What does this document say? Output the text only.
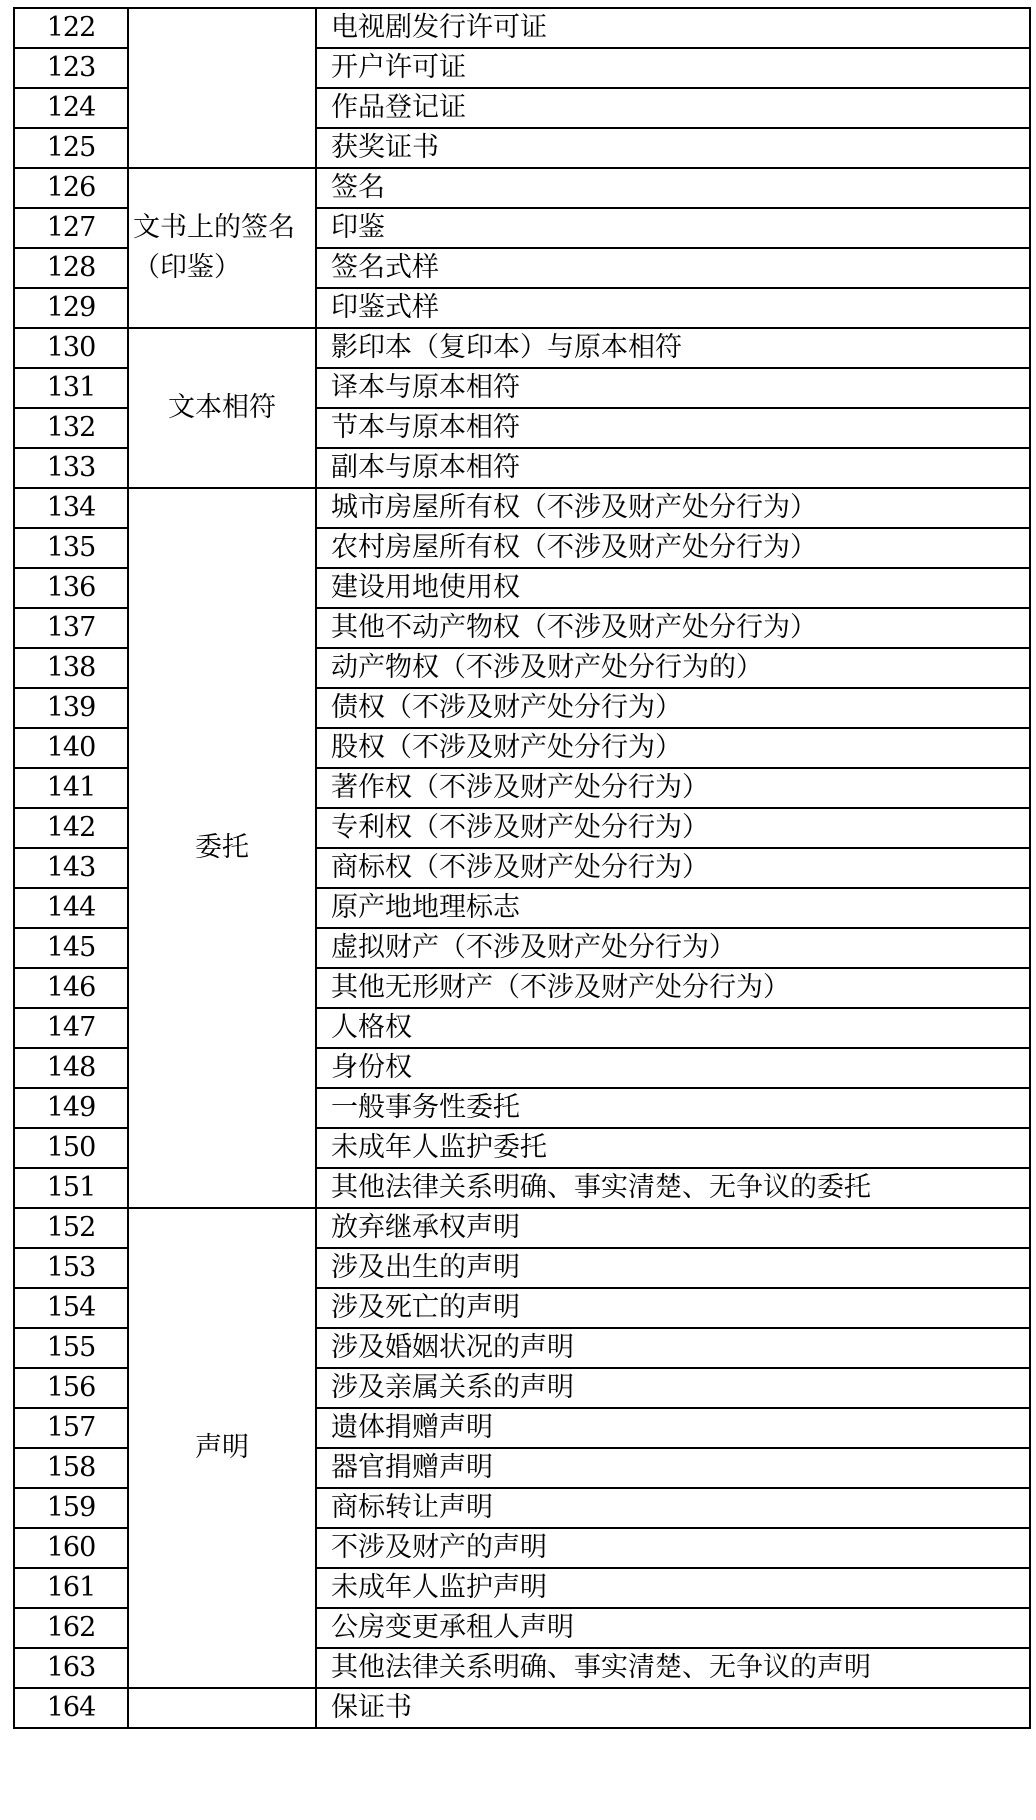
122		电视剧发行许可证
123		开户许可证
124		作品登记证
125		获奖证书
126	文书上的签名（印鉴）	签名
127		印鉴
128		签名式样
129		印鉴式样
130	文本相符	影印本（复印本）与原本相符
131		译本与原本相符
132		节本与原本相符
133		副本与原本相符
134	委托	城市房屋所有权（不涉及财产处分行为）
135		农村房屋所有权（不涉及财产处分行为）
136		建设用地使用权
137		其他不动产物权（不涉及财产处分行为）
138		动产物权（不涉及财产处分行为的）
139		债权（不涉及财产处分行为）
140		股权（不涉及财产处分行为）
141		著作权（不涉及财产处分行为）
142		专利权（不涉及财产处分行为）
143		商标权（不涉及财产处分行为）
144		原产地地理标志
145		虚拟财产（不涉及财产处分行为）
146		其他无形财产（不涉及财产处分行为）
147		人格权
148		身份权
149		一般事务性委托
150		未成年人监护委托
151		其他法律关系明确、事实清楚、无争议的委托
152	声明	放弃继承权声明
153		涉及出生的声明
154		涉及死亡的声明
155		涉及婚姻状况的声明
156		涉及亲属关系的声明
157		遗体捐赠声明
158		器官捐赠声明
159		商标转让声明
160		不涉及财产的声明
161		未成年人监护声明
162		公房变更承租人声明
163		其他法律关系明确、事实清楚、无争议的声明
164		保证书
